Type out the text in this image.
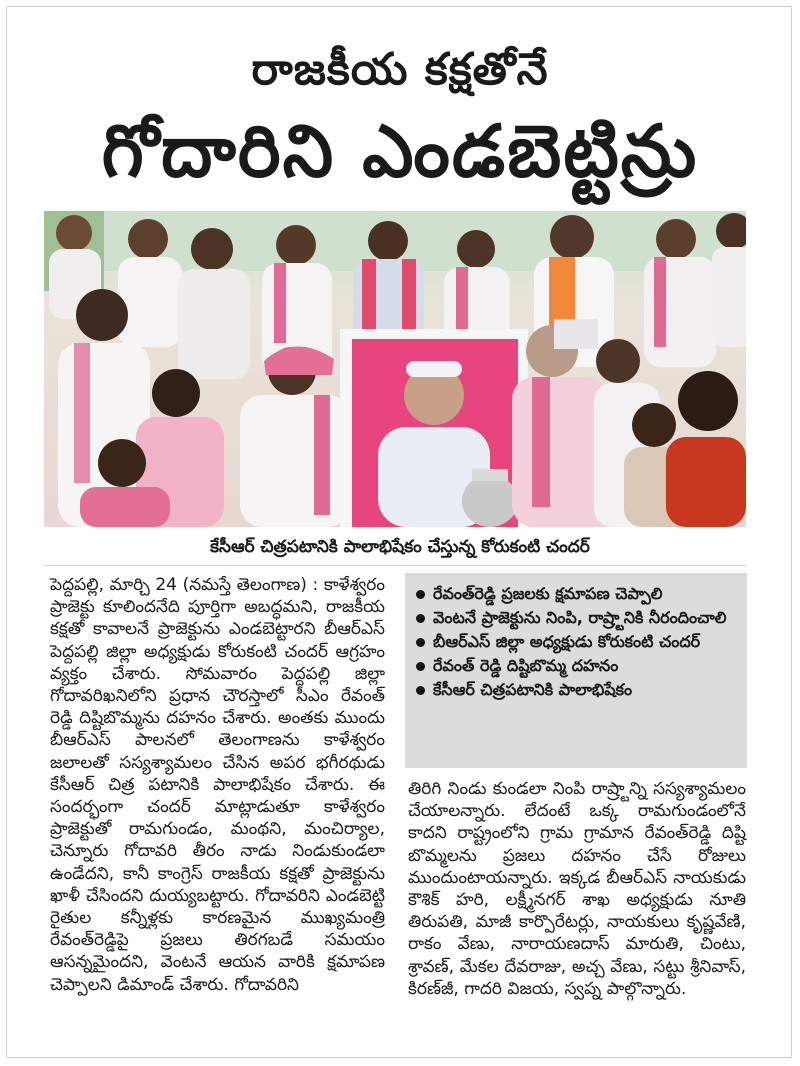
రాజకీయ కక్షతోనే
గోదారిని ఎండబెట్టిన్రు
కేసీఆర్ చిత్రపటానికి పాలాభిషేకం చేస్తున్న కోరుకంటి చందర్

పెద్దపల్లి, మార్చి 24 (నమస్తే తెలంగాణ) : కాళేశ్వరం ప్రాజెక్టు కూలిందనేది పూర్తిగా అబద్ధమని, రాజకీయ కక్షతో కావాలనే ప్రాజెక్టును ఎండబెట్టారని బీఆర్ఎస్ పెద్దపల్లి జిల్లా అధ్యక్షుడు కోరుకంటి చందర్ ఆగ్రహం వ్యక్తం చేశారు. సోమవారం పెద్దపల్లి జిల్లా గోదావరిఖనిలోని ప్రధాన చౌరస్తాలో సీఎం రేవంత్ రెడ్డి దిష్టిబొమ్మను దహనం చేశారు. అంతకు ముందు బీఆర్ఎస్ పాలనలో తెలంగాణను కాళేశ్వరం జలాలతో సస్యశ్యామలం చేసిన అపర భగీరథుడు కేసీఆర్ చిత్ర పటానికి పాలాభిషేకం చేశారు. ఈ సందర్భంగా చందర్ మాట్లాడుతూ కాళేశ్వరం ప్రాజెక్టుతో రామగుండం, మంథని, మంచిర్యాల, చెన్నూరు గోదావరి తీరం నాడు నిండుకుండలా ఉండేదని, కానీ కాంగ్రెస్ రాజకీయ కక్షతో ప్రాజెక్టును ఖాళీ చేసిందని దుయ్యబట్టారు. గోదావరిని ఎండబెట్టి రైతుల కన్నీళ్లకు కారణమైన ముఖ్యమంత్రి రేవంత్‌రెడ్డిపై ప్రజలు తిరగబడే సమయం ఆసన్నమైందని, వెంటనే ఆయన వారికి క్షమాపణ చెప్పాలని డిమాండ్ చేశారు. గోదావరిని

రేవంత్‌రెడ్డి ప్రజలకు క్షమాపణ చెప్పాలి
వెంటనే ప్రాజెక్టును నింపి, రాష్ర్టానికి నీరందించాలి
బీఆర్ఎస్ జిల్లా అధ్యక్షుడు కోరుకంటి చందర్
రేవంత్ రెడ్డి దిష్టిబొమ్మ దహనం
కేసీఆర్ చిత్రపటానికి పాలాభిషేకం

తిరిగి నిండు కుండలా నింపి రాష్ర్టాన్ని సస్యశ్యామలం చేయాలన్నారు. లేదంటే ఒక్క రామగుండంలోనే కాదని రాష్ట్రంలోని గ్రామ గ్రామాన రేవంత్‌రెడ్డి దిష్టి బొమ్మలను ప్రజలు దహనం చేసే రోజులు ముందుంటాయన్నారు. ఇక్కడ బీఆర్ఎస్ నాయకుడు కౌశిక్ హరి, లక్ష్మీనగర్ శాఖ అధ్యక్షుడు నూతి తిరుపతి, మాజీ కార్పొరేటర్లు, నాయకులు కృష్ణవేణి, రాకం వేణు, నారాయణదాస్ మారుతి, చింటు, శ్రావణ్, మేకల దేవరాజు, అచ్చ వేణు, సట్టు శ్రీనివాస్, కిరణ్‌జీ, గాదరి విజయ, స్వప్న పాల్గొన్నారు.
